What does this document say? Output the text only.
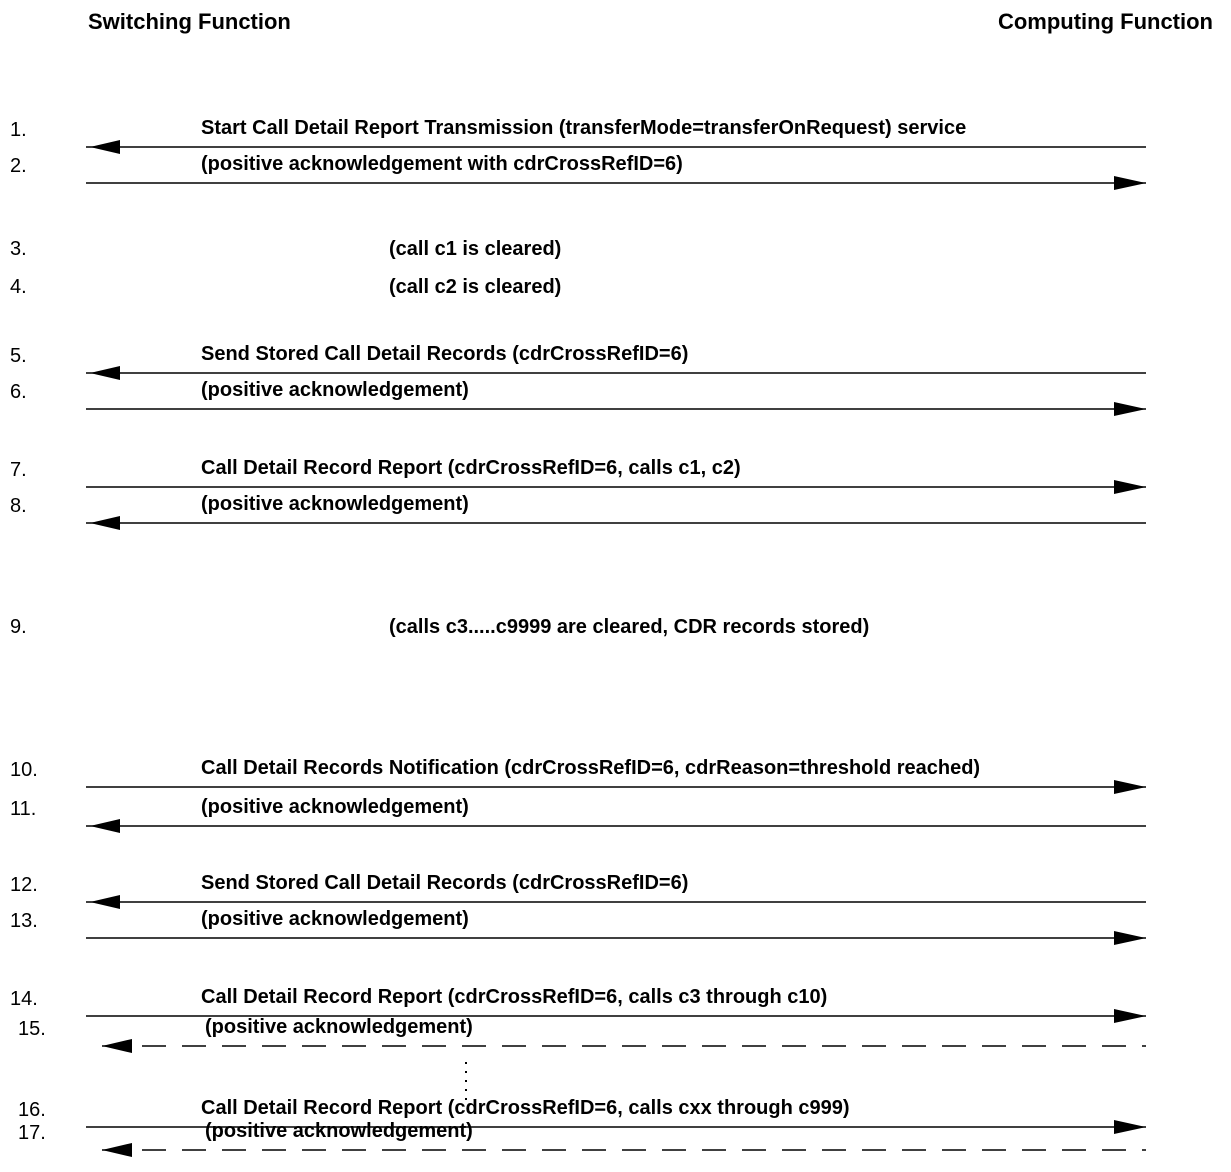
Switching Function	Computing Function
1.	Start Call Detail Report Transmission (transferMode=transferOnRequest) service
2.	(positive acknowledgement with cdrCrossRefID=6)
5.	Send Stored Call Detail Records (cdrCrossRefID=6)
6.	(positive acknowledgement)
7.	Call Detail Record Report (cdrCrossRefID=6, calls c1, c2)
8.	(positive acknowledgement)
10.	Call Detail Records Notification (cdrCrossRefID=6, cdrReason=threshold reached)
11.	(positive acknowledgement)
12.	Send Stored Call Detail Records (cdrCrossRefID=6)
13.	(positive acknowledgement)
14.	Call Detail Record Report (cdrCrossRefID=6, calls c3 through c10)
15.	(positive acknowledgement)
16.	Call Detail Record Report (cdrCrossRefID=6, calls cxx through c999)
17.	(positive acknowledgement)
3.	(call c1 is cleared)
4.	(call c2 is cleared)
9.	(calls c3.....c9999 are cleared, CDR records stored)
